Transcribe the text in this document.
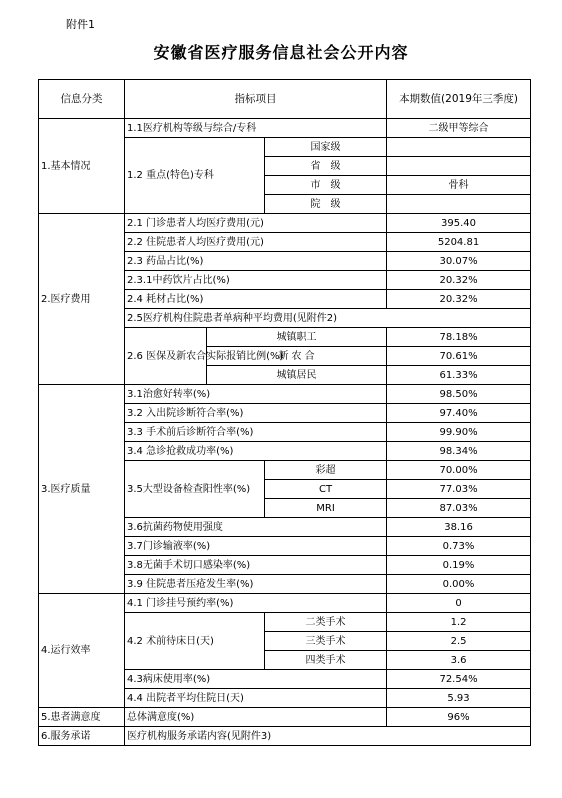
附件1
安徽省医疗服务信息社会公开内容
信息分类	指标项目			本期数值(2019年三季度)
1.基本情况	1.1医疗机构等级与综合/专科			二级甲等综合
	1.2 重点(特色)专科		国家级	
			省　级	
			市　级	骨科
			院　级	
2.医疗费用	2.1 门诊患者人均医疗费用(元)			395.40
	2.2 住院患者人均医疗费用(元)			5204.81
	2.3 药品占比(%)			30.07%
	2.3.1中药饮片占比(%)			20.32%
	2.4 耗材占比(%)			20.32%
	2.5医疗机构住院患者单病种平均费用(见附件2)			
	2.6 医保及新农合实际报销比例(%)	城镇职工		78.18%
		新 农 合		70.61%
		城镇居民		61.33%
3.医疗质量	3.1治愈好转率(%)			98.50%
	3.2 入出院诊断符合率(%)			97.40%
	3.3 手术前后诊断符合率(%)			99.90%
	3.4 急诊抢救成功率(%)			98.34%
	3.5大型设备检查阳性率(%)		彩超	70.00%
			CT	77.03%
			MRI	87.03%
	3.6抗菌药物使用强度			38.16
	3.7门诊输液率(%)			0.73%
	3.8无菌手术切口感染率(%)			0.19%
	3.9 住院患者压疮发生率(%)			0.00%
4.运行效率	4.1 门诊挂号预约率(%)			0
	4.2 术前待床日(天)		二类手术	1.2
			三类手术	2.5
			四类手术	3.6
	4.3病床使用率(%)			72.54%
	4.4 出院者平均住院日(天)			5.93
5.患者满意度	总体满意度(%)			96%
6.服务承诺	医疗机构服务承诺内容(见附件3)			
